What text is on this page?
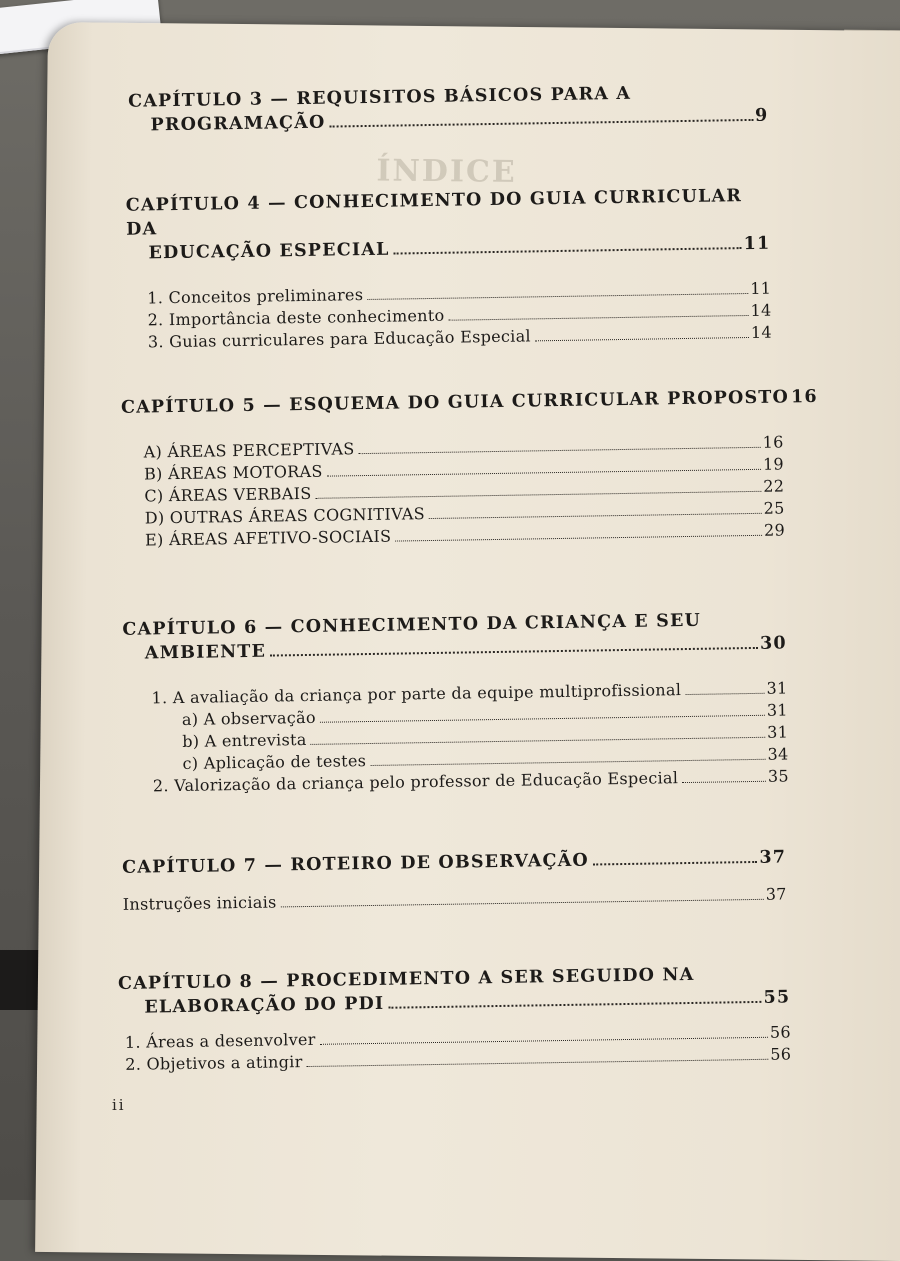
ÍNDICE
CAPÍTULO 3 — REQUISITOS BÁSICOS PARA A
PROGRAMAÇÃO	9
CAPÍTULO 4 — CONHECIMENTO DO GUIA CURRICULAR DA
EDUCAÇÃO ESPECIAL	11
1. Conceitos preliminares	11
2. Importância deste conhecimento	14
3. Guias curriculares para Educação Especial	14
CAPÍTULO 5 — ESQUEMA DO GUIA CURRICULAR PROPOSTO 16
A) ÁREAS PERCEPTIVAS	16
B) ÁREAS MOTORAS	19
C) ÁREAS VERBAIS	22
D) OUTRAS ÁREAS COGNITIVAS	25
E) ÁREAS AFETIVO-SOCIAIS	29
CAPÍTULO 6 — CONHECIMENTO DA CRIANÇA E SEU
AMBIENTE	30
1. A avaliação da criança por parte da equipe multiprofissional	31
a) A observação	31
b) A entrevista	31
c) Aplicação de testes	34
2. Valorização da criança pelo professor de Educação Especial	35
CAPÍTULO 7 — ROTEIRO DE OBSERVAÇÃO	37
Instruções iniciais	37
CAPÍTULO 8 — PROCEDIMENTO A SER SEGUIDO NA
ELABORAÇÃO DO PDI	55
1. Áreas a desenvolver	56
2. Objetivos a atingir	56
ii
